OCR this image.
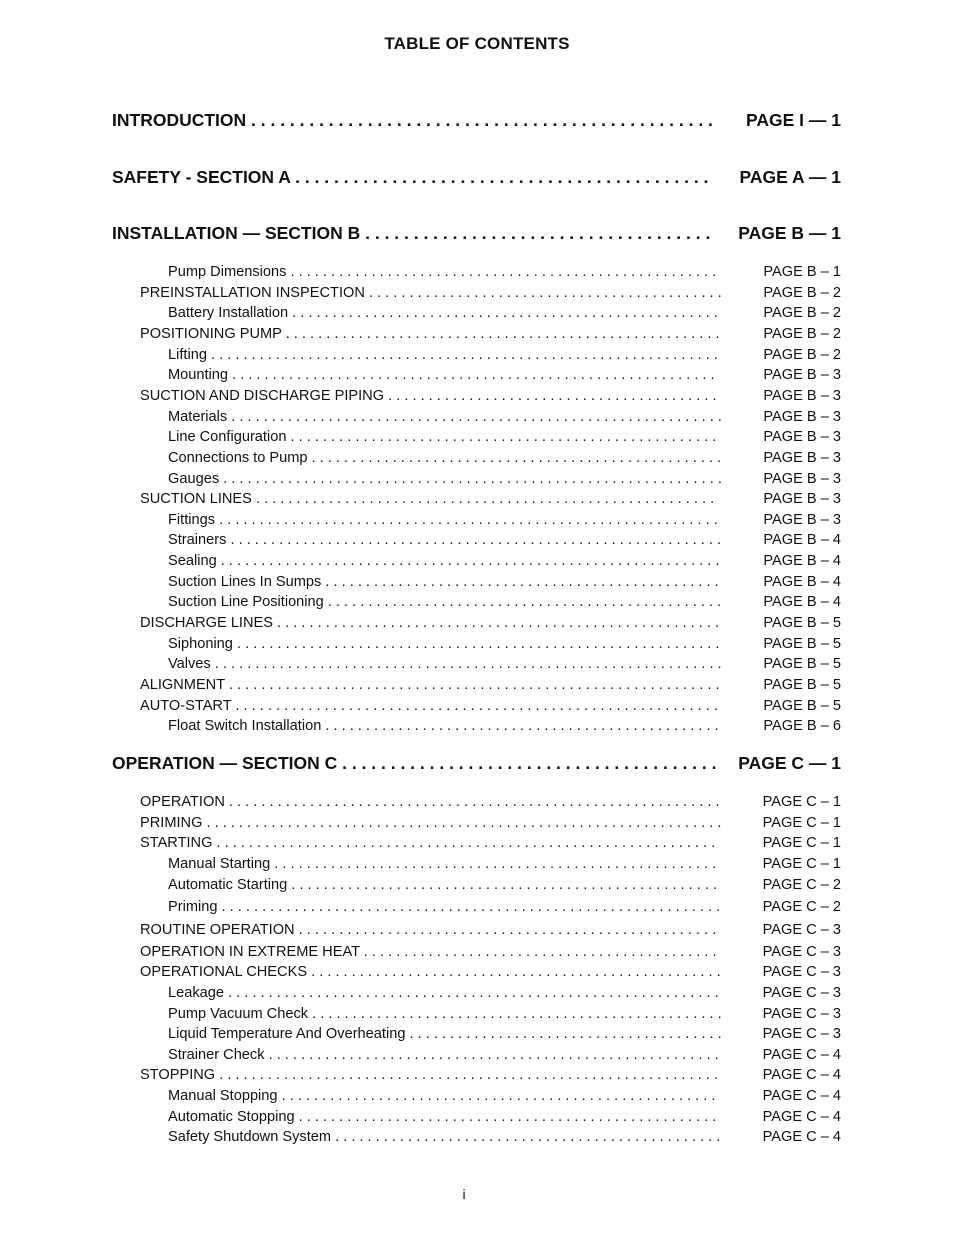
TABLE OF CONTENTS
INTRODUCTION . . . . . . . . . . . . . . . . . . . . . . . . . . . . . . . . . . . . . . . . . . . . . . . .	PAGE I — 1
SAFETY - SECTION A . . . . . . . . . . . . . . . . . . . . . . . . . . . . . . . . . . . . . . . . . . .	PAGE A — 1
INSTALLATION — SECTION B . . . . . . . . . . . . . . . . . . . . . . . . . . . . . . . . . . . .	PAGE B — 1
Pump Dimensions . . . . . . . . . . . . . . . . . . . . . . . . . . . . . . . . . . . . . . . . . . . . . . . . . . . . .	PAGE B – 1
PREINSTALLATION INSPECTION . . . . . . . . . . . . . . . . . . . . . . . . . . . . . . . . . . . . . . . . . . . .	PAGE B – 2
Battery Installation . . . . . . . . . . . . . . . . . . . . . . . . . . . . . . . . . . . . . . . . . . . . . . . . . . . . .	PAGE B – 2
POSITIONING PUMP . . . . . . . . . . . . . . . . . . . . . . . . . . . . . . . . . . . . . . . . . . . . . . . . . . . . . .	PAGE B – 2
Lifting . . . . . . . . . . . . . . . . . . . . . . . . . . . . . . . . . . . . . . . . . . . . . . . . . . . . . . . . . . . . . . .	PAGE B – 2
Mounting . . . . . . . . . . . . . . . . . . . . . . . . . . . . . . . . . . . . . . . . . . . . . . . . . . . . . . . . . . . .	PAGE B – 3
SUCTION AND DISCHARGE PIPING . . . . . . . . . . . . . . . . . . . . . . . . . . . . . . . . . . . . . . . . .	PAGE B – 3
Materials . . . . . . . . . . . . . . . . . . . . . . . . . . . . . . . . . . . . . . . . . . . . . . . . . . . . . . . . . . . . .	PAGE B – 3
Line Configuration . . . . . . . . . . . . . . . . . . . . . . . . . . . . . . . . . . . . . . . . . . . . . . . . . . . . .	PAGE B – 3
Connections to Pump . . . . . . . . . . . . . . . . . . . . . . . . . . . . . . . . . . . . . . . . . . . . . . . . . . .	PAGE B – 3
Gauges . . . . . . . . . . . . . . . . . . . . . . . . . . . . . . . . . . . . . . . . . . . . . . . . . . . . . . . . . . . . . .	PAGE B – 3
SUCTION LINES . . . . . . . . . . . . . . . . . . . . . . . . . . . . . . . . . . . . . . . . . . . . . . . . . . . . . . . . .	PAGE B – 3
Fittings . . . . . . . . . . . . . . . . . . . . . . . . . . . . . . . . . . . . . . . . . . . . . . . . . . . . . . . . . . . . . .	PAGE B – 3
Strainers . . . . . . . . . . . . . . . . . . . . . . . . . . . . . . . . . . . . . . . . . . . . . . . . . . . . . . . . . . . . .	PAGE B – 4
Sealing . . . . . . . . . . . . . . . . . . . . . . . . . . . . . . . . . . . . . . . . . . . . . . . . . . . . . . . . . . . . . .	PAGE B – 4
Suction Lines In Sumps . . . . . . . . . . . . . . . . . . . . . . . . . . . . . . . . . . . . . . . . . . . . . . . . .	PAGE B – 4
Suction Line Positioning . . . . . . . . . . . . . . . . . . . . . . . . . . . . . . . . . . . . . . . . . . . . . . . . .	PAGE B – 4
DISCHARGE LINES . . . . . . . . . . . . . . . . . . . . . . . . . . . . . . . . . . . . . . . . . . . . . . . . . . . . . . .	PAGE B – 5
Siphoning . . . . . . . . . . . . . . . . . . . . . . . . . . . . . . . . . . . . . . . . . . . . . . . . . . . . . . . . . . . .	PAGE B – 5
Valves . . . . . . . . . . . . . . . . . . . . . . . . . . . . . . . . . . . . . . . . . . . . . . . . . . . . . . . . . . . . . . .	PAGE B – 5
ALIGNMENT . . . . . . . . . . . . . . . . . . . . . . . . . . . . . . . . . . . . . . . . . . . . . . . . . . . . . . . . . . . . .	PAGE B – 5
AUTO-START . . . . . . . . . . . . . . . . . . . . . . . . . . . . . . . . . . . . . . . . . . . . . . . . . . . . . . . . . . . .	PAGE B – 5
Float Switch Installation . . . . . . . . . . . . . . . . . . . . . . . . . . . . . . . . . . . . . . . . . . . . . . . . .	PAGE B – 6
OPERATION — SECTION C . . . . . . . . . . . . . . . . . . . . . . . . . . . . . . . . . . . . . . .	PAGE C — 1
OPERATION . . . . . . . . . . . . . . . . . . . . . . . . . . . . . . . . . . . . . . . . . . . . . . . . . . . . . . . . . . . . .	PAGE C – 1
PRIMING . . . . . . . . . . . . . . . . . . . . . . . . . . . . . . . . . . . . . . . . . . . . . . . . . . . . . . . . . . . . . . . .	PAGE C – 1
STARTING . . . . . . . . . . . . . . . . . . . . . . . . . . . . . . . . . . . . . . . . . . . . . . . . . . . . . . . . . . . . . .	PAGE C – 1
Manual Starting . . . . . . . . . . . . . . . . . . . . . . . . . . . . . . . . . . . . . . . . . . . . . . . . . . . . . . .	PAGE C – 1
Automatic Starting . . . . . . . . . . . . . . . . . . . . . . . . . . . . . . . . . . . . . . . . . . . . . . . . . . . . .	PAGE C – 2
Priming . . . . . . . . . . . . . . . . . . . . . . . . . . . . . . . . . . . . . . . . . . . . . . . . . . . . . . . . . . . . . .	PAGE C – 2
ROUTINE OPERATION . . . . . . . . . . . . . . . . . . . . . . . . . . . . . . . . . . . . . . . . . . . . . . . . . . . .	PAGE C – 3
OPERATION IN EXTREME HEAT . . . . . . . . . . . . . . . . . . . . . . . . . . . . . . . . . . . . . . . . . . . .	PAGE C – 3
OPERATIONAL CHECKS . . . . . . . . . . . . . . . . . . . . . . . . . . . . . . . . . . . . . . . . . . . . . . . . . . .	PAGE C – 3
Leakage . . . . . . . . . . . . . . . . . . . . . . . . . . . . . . . . . . . . . . . . . . . . . . . . . . . . . . . . . . . . .	PAGE C – 3
Pump Vacuum Check . . . . . . . . . . . . . . . . . . . . . . . . . . . . . . . . . . . . . . . . . . . . . . . . . . .	PAGE C – 3
Liquid Temperature And Overheating . . . . . . . . . . . . . . . . . . . . . . . . . . . . . . . . . . . . . . .	PAGE C – 3
Strainer Check . . . . . . . . . . . . . . . . . . . . . . . . . . . . . . . . . . . . . . . . . . . . . . . . . . . . . . . .	PAGE C – 4
STOPPING . . . . . . . . . . . . . . . . . . . . . . . . . . . . . . . . . . . . . . . . . . . . . . . . . . . . . . . . . . . . . .	PAGE C – 4
Manual Stopping . . . . . . . . . . . . . . . . . . . . . . . . . . . . . . . . . . . . . . . . . . . . . . . . . . . . . .	PAGE C – 4
Automatic Stopping . . . . . . . . . . . . . . . . . . . . . . . . . . . . . . . . . . . . . . . . . . . . . . . . . . . .	PAGE C – 4
Safety Shutdown System . . . . . . . . . . . . . . . . . . . . . . . . . . . . . . . . . . . . . . . . . . . . . . . .	PAGE C – 4
i
